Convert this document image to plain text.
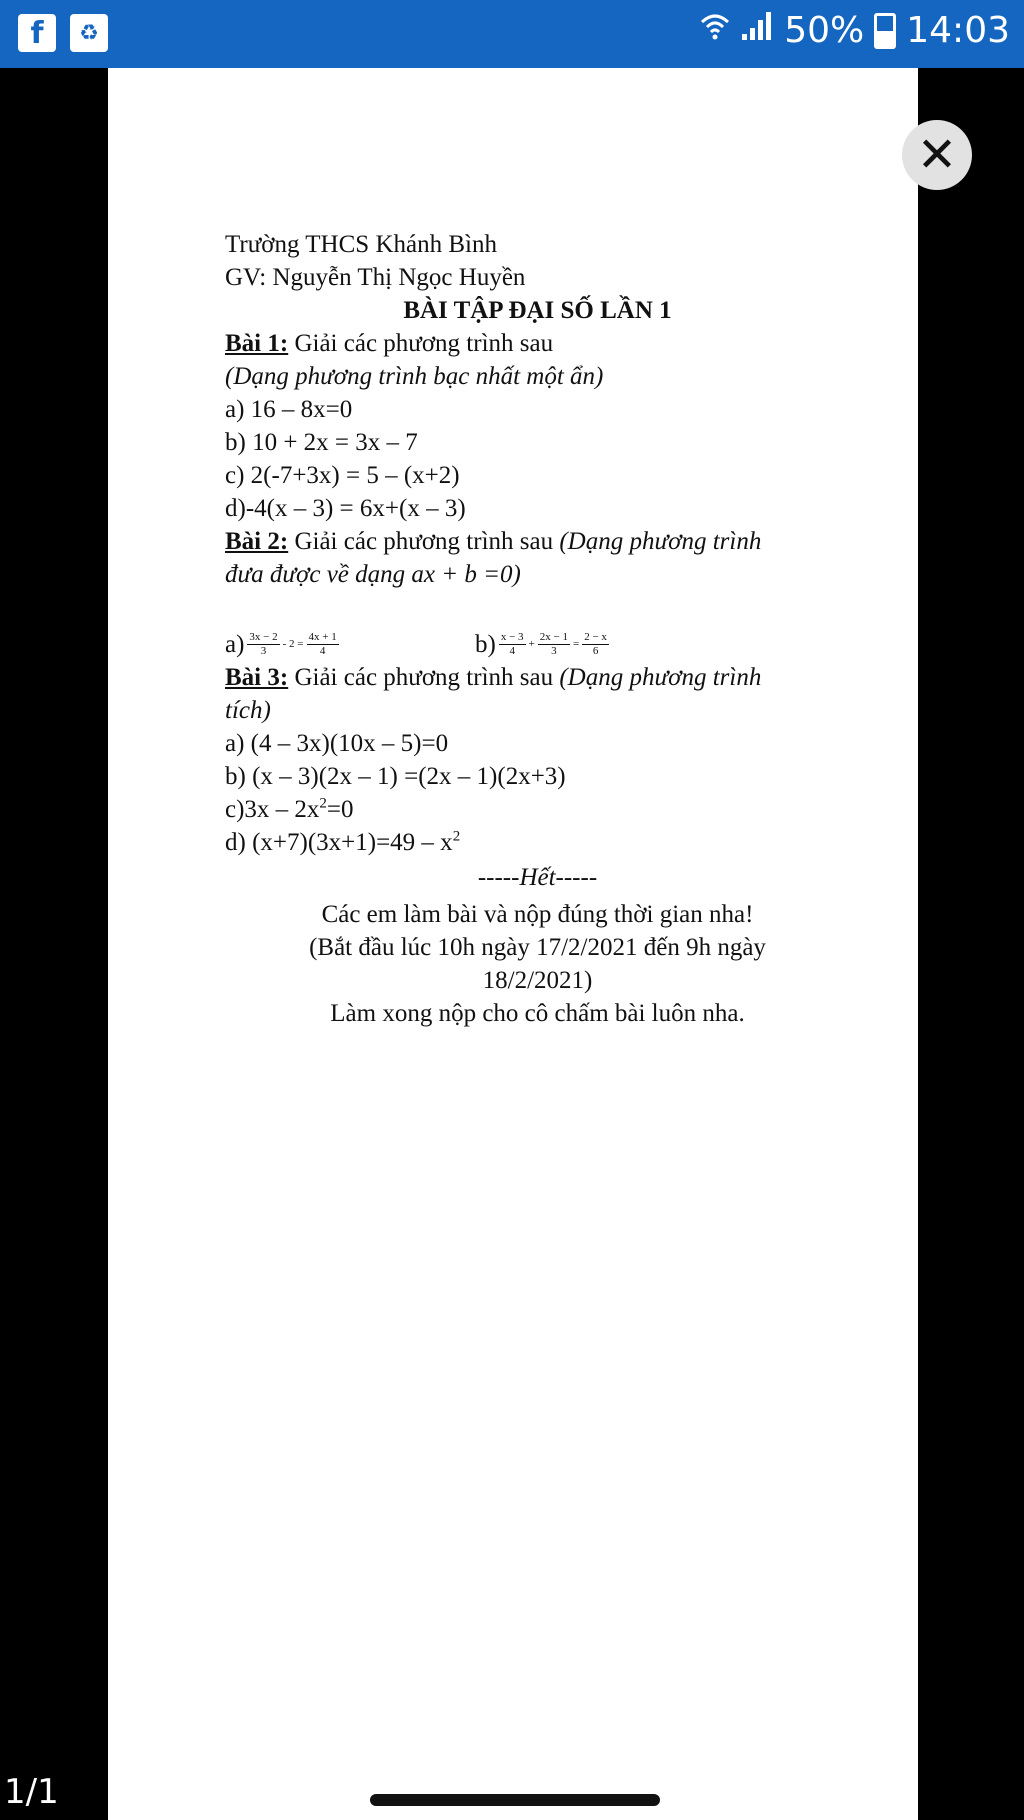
f	♻	50% 14:03
✕
Trường THCS Khánh Bình
GV: Nguyễn Thị Ngọc Huyền
BÀI TẬP ĐẠI SỐ LẦN 1
Bài 1: Giải các phương trình sau
(Dạng phương trình bạc nhất một ẩn)
a) 16 – 8x=0
b) 10 + 2x = 3x – 7
c) 2(-7+3x) = 5 – (x+2)
d)-4(x – 3) = 6x+(x – 3)
Bài 2: Giải các phương trình sau (Dạng phương trình
đưa được về dạng ax + b =0)
$a) \frac{3x - 2}{3} - 2 = \frac{4x + 1}{4}$	$b) \frac{x - 3}{4} + \frac{2x - 1}{3} = \frac{2 - x}{6}$
Bài 3: Giải các phương trình sau (Dạng phương trình
tích)
a) (4 – 3x)(10x – 5)=0
b) (x – 3)(2x – 1) =(2x – 1)(2x+3)
$c)3x - 2x^2=0$
d) $(x+7)(3x+1)=49 - x^2$
-----Hết-----
Các em làm bài và nộp đúng thời gian nha!
(Bắt đầu lúc 10h ngày 17/2/2021 đến 9h ngày
18/2/2021)
Làm xong nộp cho cô chấm bài luôn nha.
1/1
